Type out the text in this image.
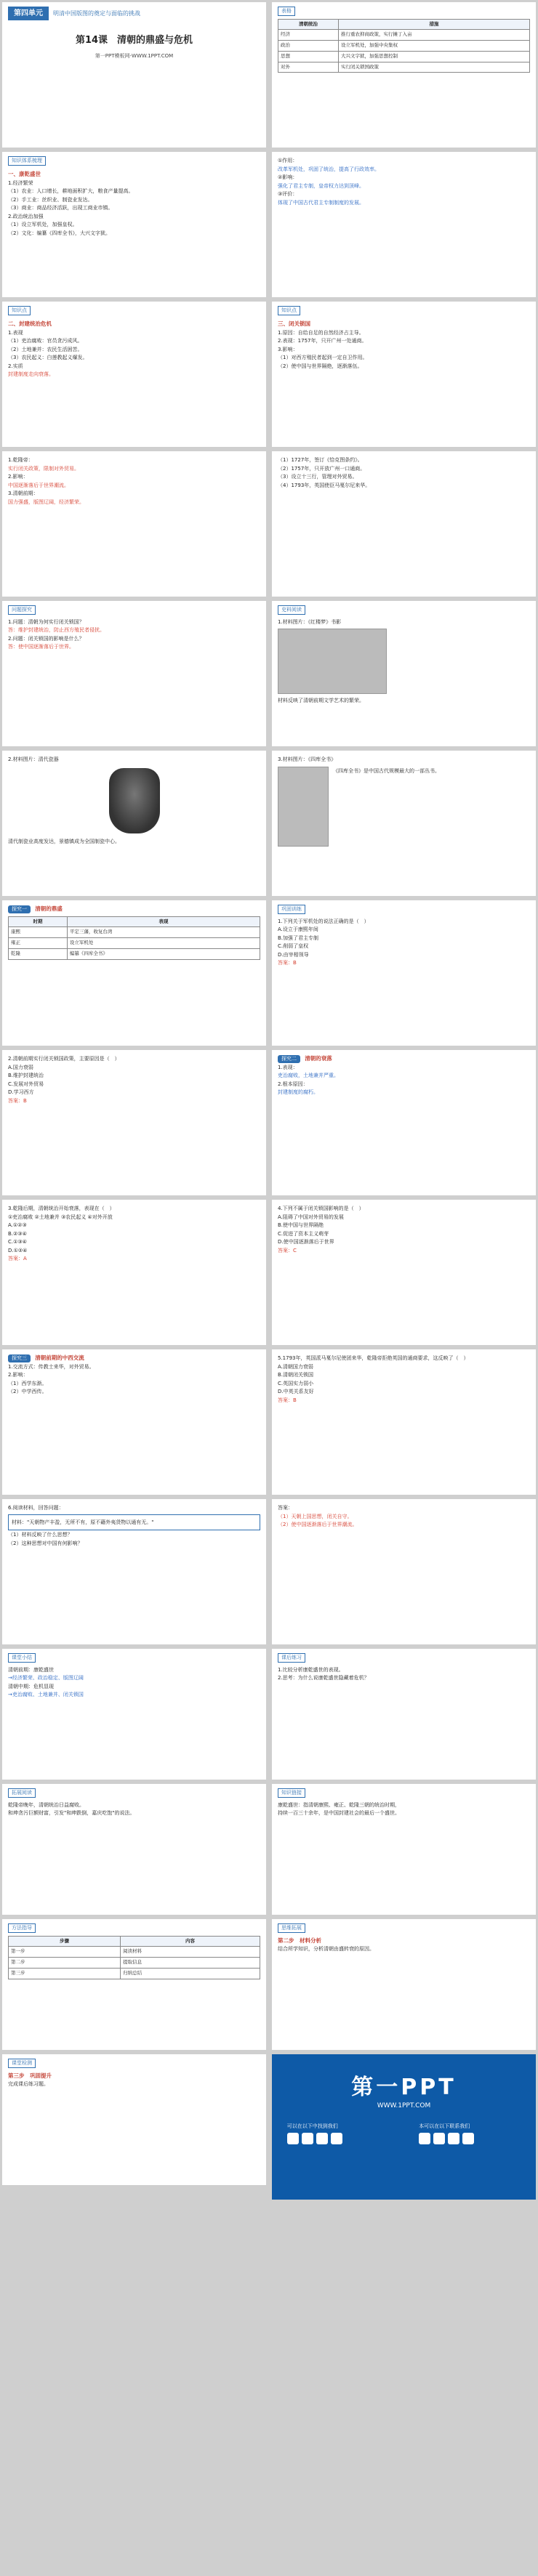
第四单元	明清中国版图的奠定与面临的挑战
第14课　清朝的鼎盛与危机
第一PPT模板网-WWW.1PPT.COM
表格
清朝统治	措施
经济	推行重农抑商政策，实行摊丁入亩
政治	设立军机处，加强中央集权
思想	大兴文字狱，加强思想控制
对外	实行闭关锁国政策
知识体系梳理
一、康乾盛世
1.经济繁荣
（1）农业：人口增长，耕地面积扩大，粮食产量提高。
（2）手工业：丝织业、制瓷业发达。
（3）商业：商品经济活跃，出现工商业市镇。
2.政治统治加强
（1）设立军机处，加强皇权。
（2）文化：编纂《四库全书》，大兴文字狱。
①作用：
改革军机处，巩固了统治，提高了行政效率。
②影响：
强化了君主专制，皇帝权力达到顶峰。
③评价：
体现了中国古代君主专制制度的发展。
知识点
二、封建统治危机
1.表现
（1）吏治腐败：官员贪污成风。
（2）土地兼并：农民生活困苦。
（3）农民起义：白莲教起义爆发。
2.实质
封建制度走向衰落。
知识点
三、闭关锁国
1.原因：自给自足的自然经济占主导。
2.表现：1757年，只开广州一处通商。
3.影响：
（1）对西方殖民者起到一定自卫作用。
（2）使中国与世界隔绝，逐渐落伍。
1.乾隆帝：
实行闭关政策，限制对外贸易。
2.影响：
中国逐渐落后于世界潮流。
3.清朝前期：
国力强盛，版图辽阔，经济繁荣。
（1）1727年，签订《恰克图条约》。
（2）1757年，只开放广州一口通商。
（3）设立十三行，管理对外贸易。
（4）1793年，英国使臣马戛尔尼来华。
问题探究
1.问题：清朝为何实行闭关锁国？
答：维护封建统治，防止西方殖民者侵扰。
2.问题：闭关锁国的影响是什么？
答：使中国逐渐落后于世界。
史料阅读
1.材料图片：《红楼梦》书影
材料反映了清朝前期文学艺术的繁荣。
2.材料图片：清代瓷器
清代制瓷业高度发达，景德镇成为全国制瓷中心。
3.材料图片：《四库全书》
《四库全书》是中国古代规模最大的一部丛书。
探究一 清朝的鼎盛
时期	表现
康熙	平定三藩，收复台湾
雍正	设立军机处
乾隆	编纂《四库全书》
巩固训练
1.下列关于军机处的说法正确的是（　）
A.设立于康熙年间
B.加强了君主专制
C.削弱了皇权
D.由宰相领导
答案：B
2.清朝前期实行闭关锁国政策，主要原因是（　）
A.国力衰弱
B.维护封建统治
C.发展对外贸易
D.学习西方
答案：B
探究二 清朝的衰落
1.表现：
吏治腐败，土地兼并严重。
2.根本原因：
封建制度的腐朽。
3.乾隆后期，清朝统治开始衰落，表现在（　）
①吏治腐败 ②土地兼并 ③农民起义 ④对外开放
A.①②③
B.②③④
C.①③④
D.①②④
答案：A
4.下列不属于闭关锁国影响的是（　）
A.阻碍了中国对外贸易的发展
B.使中国与世界隔绝
C.促进了资本主义萌芽
D.使中国逐渐落后于世界
答案：C
探究三 清朝前期的中西交流
1.交流方式：传教士来华，对外贸易。
2.影响：
（1）西学东渐。
（2）中学西传。
5.1793年，英国派马戛尔尼使团来华，乾隆帝拒绝英国的通商要求，这反映了（　）
A.清朝国力衰弱
B.清朝闭关锁国
C.英国实力弱小
D.中英关系友好
答案：B
6.阅读材料，回答问题：
材料："天朝物产丰盈，无所不有，原不藉外夷货物以通有无。"
（1）材料反映了什么思想？
（2）这种思想对中国有何影响？
答案：
（1）天朝上国思想，闭关自守。
（2）使中国逐渐落后于世界潮流。
课堂小结
清朝前期：康乾盛世
→经济繁荣、政治稳定、版图辽阔
清朝中期：危机显现
→吏治腐败、土地兼并、闭关锁国
课后练习
1.比较分析康乾盛世的表现。
2.思考：为什么说康乾盛世隐藏着危机？
拓展阅读
乾隆帝晚年，清朝统治日益腐败。
和珅贪污巨额财富，引发"和珅跌倒，嘉庆吃饱"的说法。
知识链接
康乾盛世：指清朝康熙、雍正、乾隆三朝的统治时期，
持续一百三十余年，是中国封建社会的最后一个盛世。
方法指导
步骤	内容
第一步	阅读材料
第二步	提取信息
第三步	归纳总结
思维拓展
第二步　材料分析
结合所学知识，分析清朝由盛转衰的原因。
课堂检测
第三步　巩固提升
完成课后练习题。	第一PPT
WWW.1PPT.COM
可以在以下中找到我们	本可以在以下联系我们
